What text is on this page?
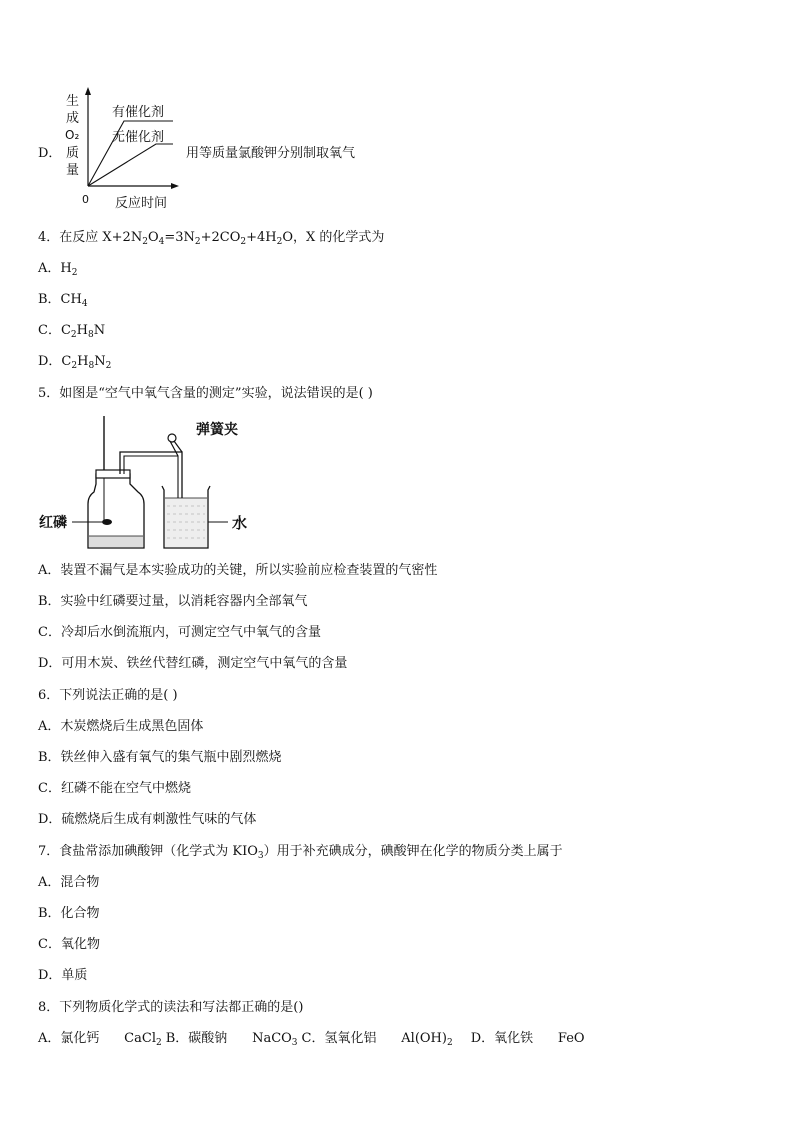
D．
生
成
O₂
质
量
有催化剂
无催化剂
0 反应时间
用等质量氯酸钾分别制取氧气
4．在反应 $X+2N_2O_4=3N_2+2CO_2+4H_2O$，X 的化学式为
A．$H_2$
B．$CH_4$
C．$C_2H_8N$
D．$C_2H_8N_2$
5．如图是“空气中氧气含量的测定”实验，说法错误的是( )
红磷
弹簧夹
水
A．装置不漏气是本实验成功的关键，所以实验前应检查装置的气密性
B．实验中红磷要过量，以消耗容器内全部氧气
C．冷却后水倒流瓶内，可测定空气中氧气的含量
D．可用木炭、铁丝代替红磷，测定空气中氧气的含量
6．下列说法正确的是( )
A．木炭燃烧后生成黑色固体
B．铁丝伸入盛有氧气的集气瓶中剧烈燃烧
C．红磷不能在空气中燃烧
D．硫燃烧后生成有刺激性气味的气体
7．食盐常添加碘酸钾（化学式为 $KIO_3$）用于补充碘成分，碘酸钾在化学的物质分类上属于
A．混合物
B．化合物
C．氧化物
D．单质
8．下列物质化学式的读法和写法都正确的是()
A．氯化钙      CaCl$_2$ B．碳酸钠      NaCO$_3$ C．氢氧化铝      $Al(OH)_2$ D．氧化铁      FeO
